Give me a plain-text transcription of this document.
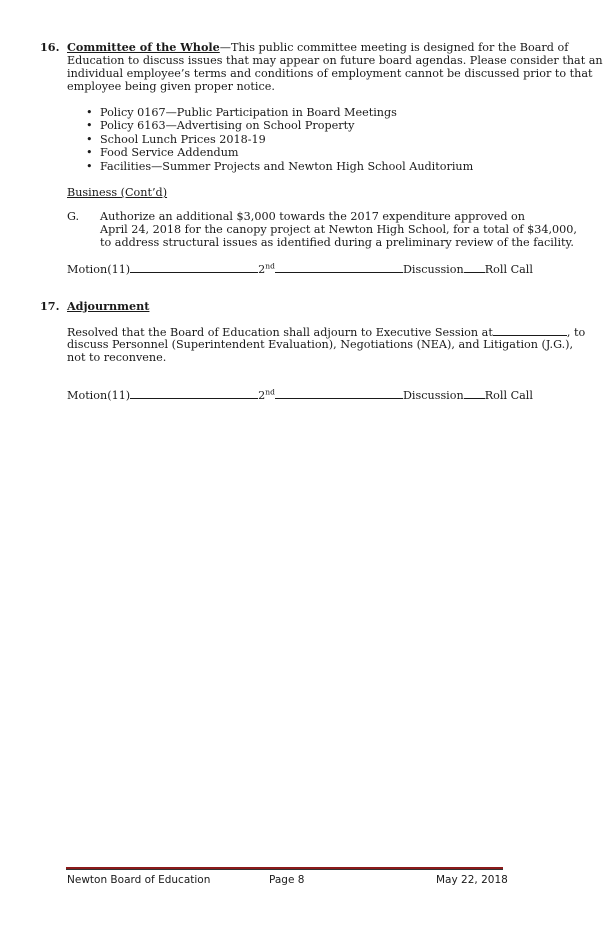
16. Committee of the Whole—This public committee meeting is designed for the Board of

Education to discuss issues that may appear on future board agendas. Please consider that an

individual employee’s terms and conditions of employment cannot be discussed prior to that

employee being given proper notice.

• Policy 0167—Public Participation in Board Meetings
• Policy 6163—Advertising on School Property
• School Lunch Prices 2018-19
• Food Service Addendum
• Facilities—Summer Projects and Newton High School Auditorium

Business (Cont’d)

G. Authorize an additional $3,000 towards the 2017 expenditure approved on

April 24, 2018 for the canopy project at Newton High School, for a total of $34,000,

to address structural issues as identified during a preliminary review of the facility.

Motion(11)	2nd	Discussion Roll Call

17. Adjournment

Resolved that the Board of Education shall adjourn to Executive Session at	, to

discuss Personnel (Superintendent Evaluation), Negotiations (NEA), and Litigation (J.G.),

not to reconvene.

Motion(11)	2nd	Discussion Roll Call

Newton Board of Education	Page 8	May 22, 2018
